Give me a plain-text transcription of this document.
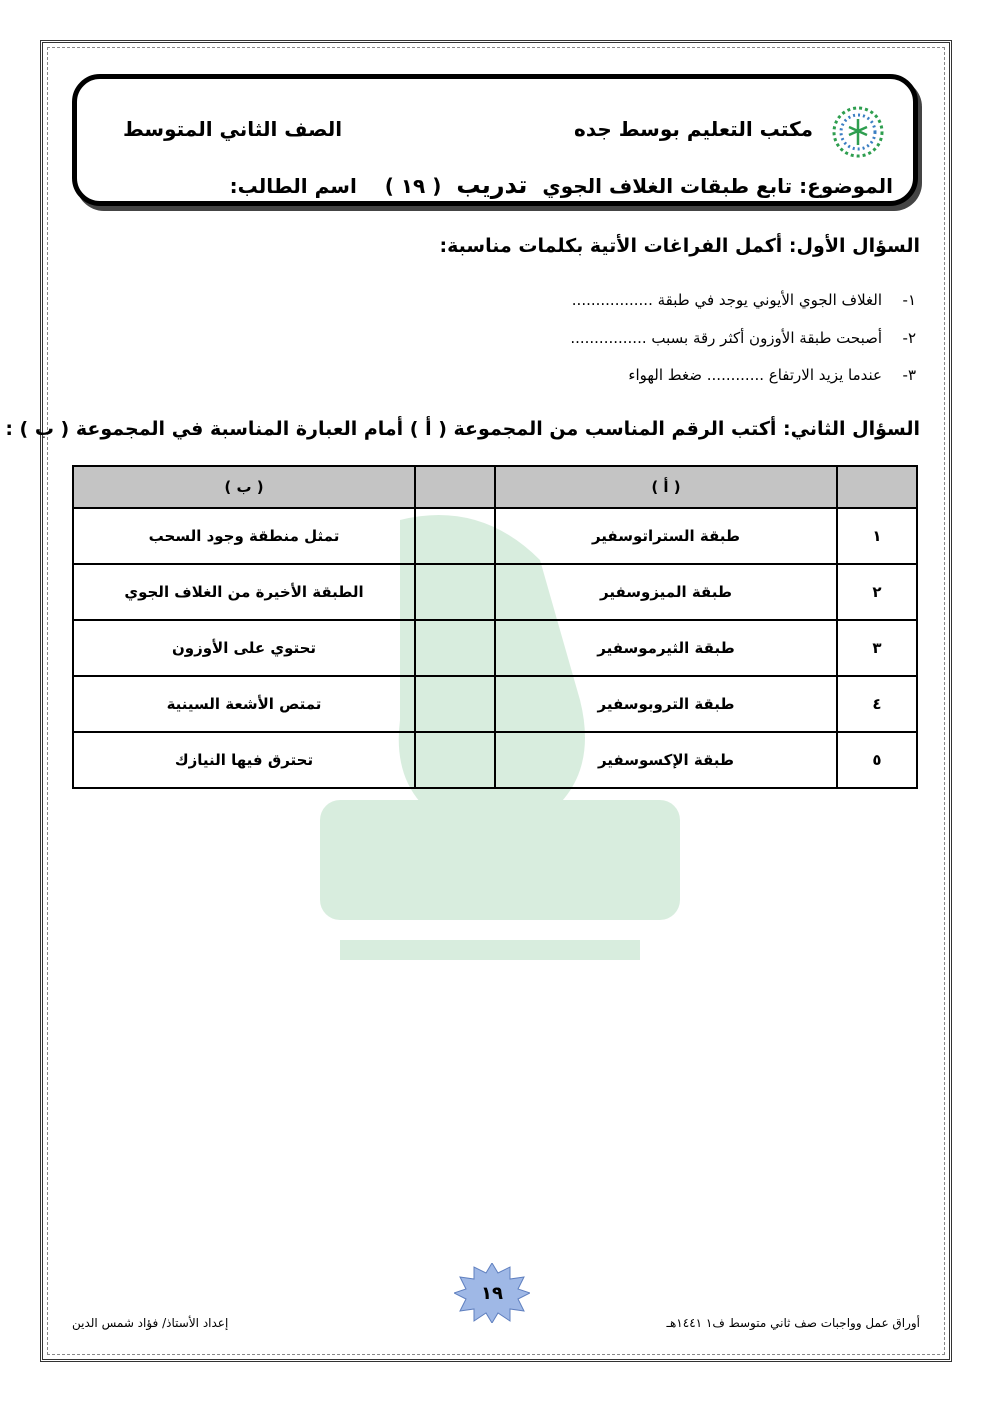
مكتب التعليم بوسط جده
الصف الثاني المتوسط
الموضوع: تابع طبقات الغلاف الجوي تدريب ( ١٩ )    اسم الطالب:
السؤال الأول: أكمل الفراغات الأتية بكلمات مناسبة:
١-الغلاف الجوي الأيوني يوجد في طبقة .................
٢-أصبحت طبقة الأوزون أكثر رقة بسبب ................
٣-عندما يزيد الارتفاع ............ ضغط الهواء
السؤال الثاني: أكتب الرقم المناسب من المجموعة ( أ ) أمام العبارة المناسبة في المجموعة ( ب ) :
	( أ )		( ب )
١	طبقة الستراتوسفير		تمثل منطقة وجود السحب
٢	طبقة الميزوسفير		الطبقة الأخيرة من الغلاف الجوي
٣	طبقة الثيرموسفير		تحتوي على الأوزون
٤	طبقة التروبوسفير		تمتص الأشعة السينية
٥	طبقة الإكسوسفير		تحترق فيها النيازك
١٩
أوراق عمل وواجبات صف ثاني متوسط ف١ ١٤٤١هـ
إعداد الأستاذ/ فؤاد شمس الدين
